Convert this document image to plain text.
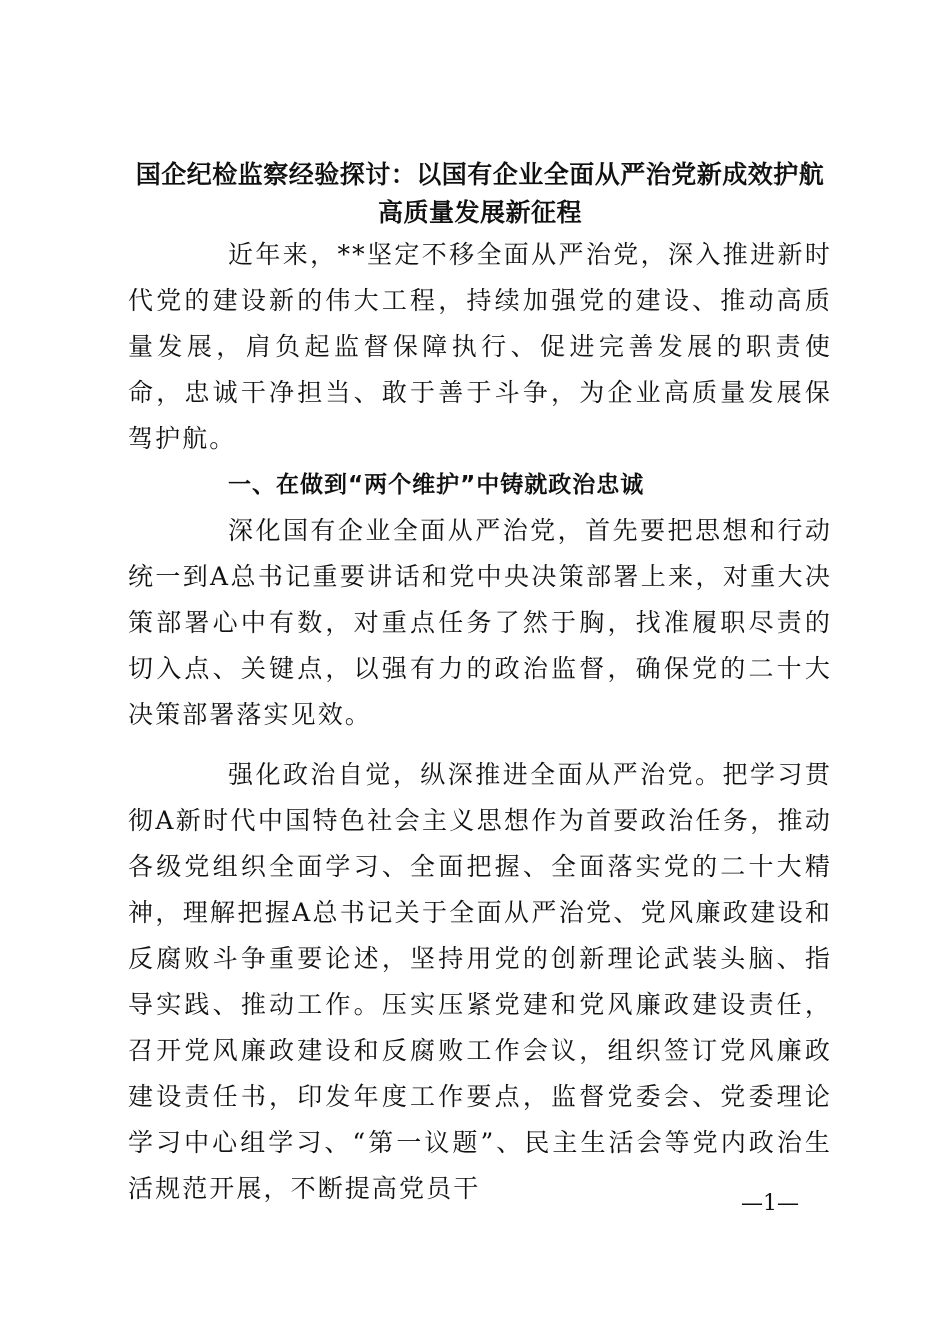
国企纪检监察经验探讨：以国有企业全面从严治党新成效护航
高质量发展新征程

近年来，**坚定不移全面从严治党，深入推进新时代党的建设新的伟大工程，持续加强党的建设、推动高质量发展，肩负起监督保障执行、促进完善发展的职责使命，忠诚干净担当、敢于善于斗争，为企业高质量发展保驾护航。

一、在做到“两个维护”中铸就政治忠诚

深化国有企业全面从严治党，首先要把思想和行动统一到A总书记重要讲话和党中央决策部署上来，对重大决策部署心中有数，对重点任务了然于胸，找准履职尽责的切入点、关键点，以强有力的政治监督，确保党的二十大决策部署落实见效。

强化政治自觉，纵深推进全面从严治党。把学习贯彻A新时代中国特色社会主义思想作为首要政治任务，推动各级党组织全面学习、全面把握、全面落实党的二十大精神，理解把握A总书记关于全面从严治党、党风廉政建设和反腐败斗争重要论述，坚持用党的创新理论武装头脑、指导实践、推动工作。压实压紧党建和党风廉政建设责任，召开党风廉政建设和反腐败工作会议，组织签订党风廉政建设责任书，印发年度工作要点，监督党委会、党委理论学习中心组学习、“第一议题”、民主生活会等党内政治生活规范开展，不断提高党员干

—1—
